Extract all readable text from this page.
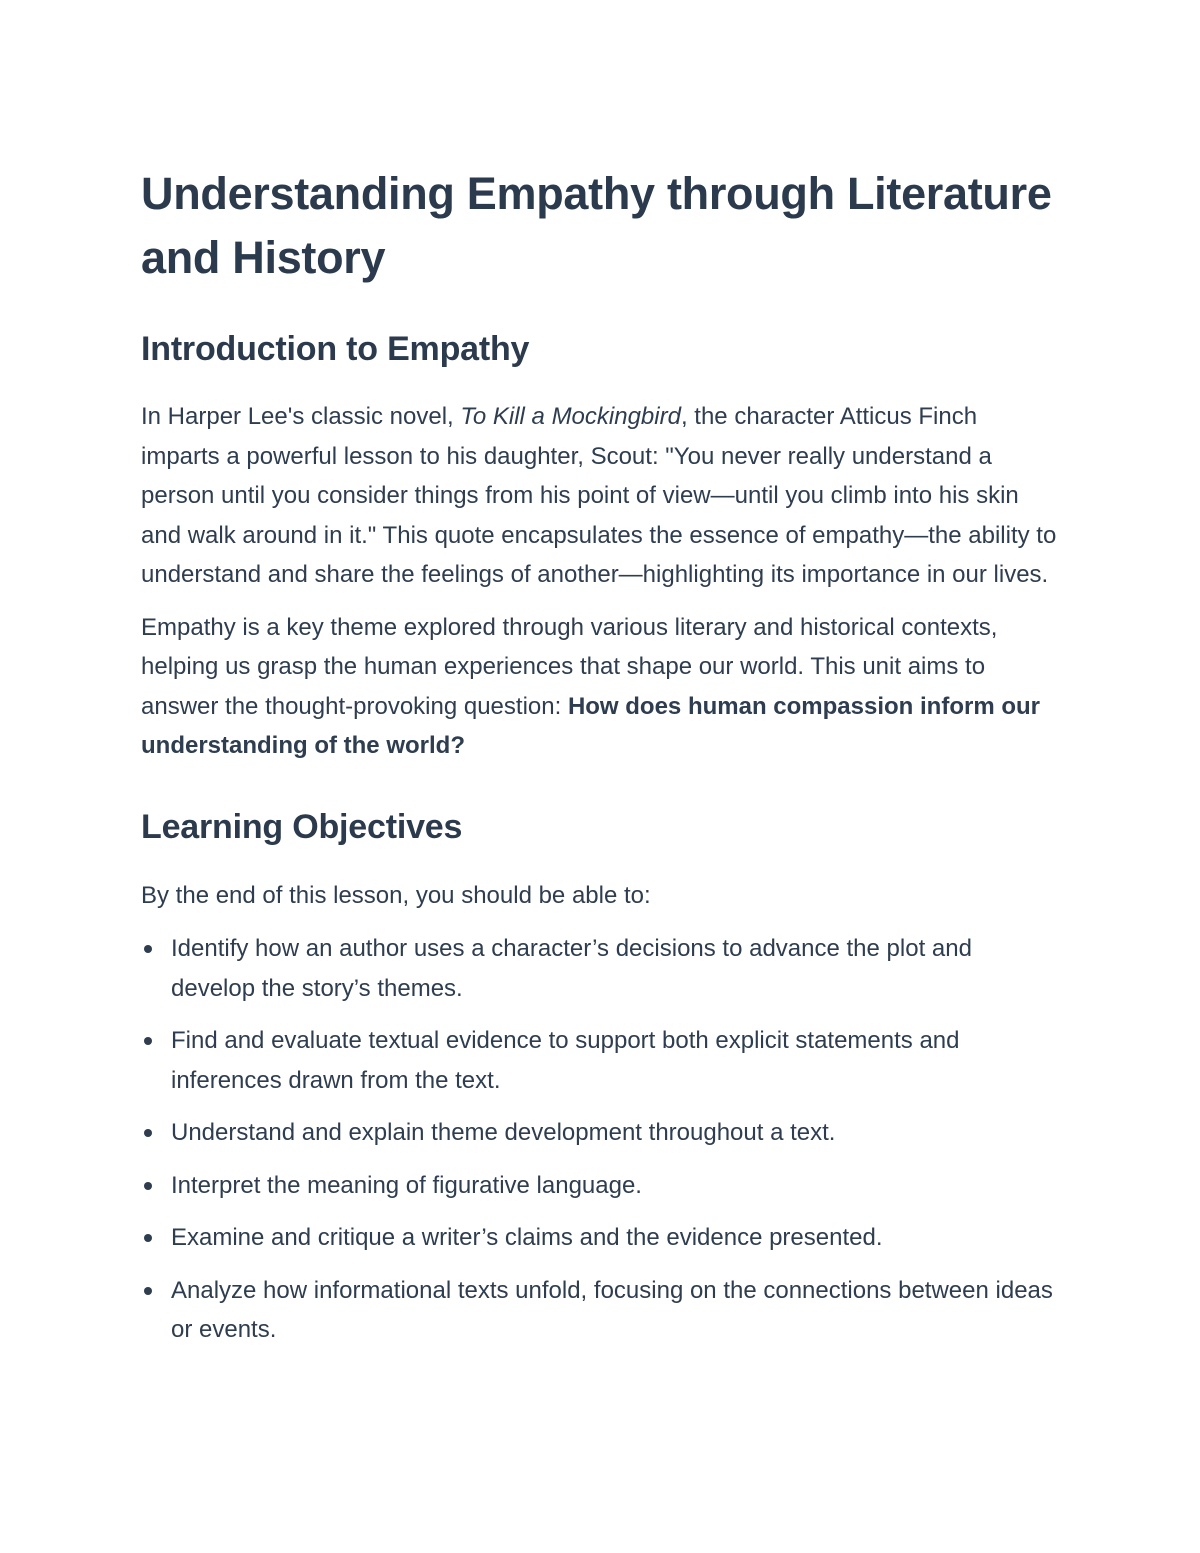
Understanding Empathy through Literature and History
Introduction to Empathy

In Harper Lee's classic novel, To Kill a Mockingbird, the character Atticus Finch imparts a powerful lesson to his daughter, Scout: "You never really understand a person until you consider things from his point of view—until you climb into his skin and walk around in it." This quote encapsulates the essence of empathy—the ability to understand and share the feelings of another—highlighting its importance in our lives.

Empathy is a key theme explored through various literary and historical contexts, helping us grasp the human experiences that shape our world. This unit aims to answer the thought-provoking question: How does human compassion inform our understanding of the world?

Learning Objectives

By the end of this lesson, you should be able to:

Identify how an author uses a character’s decisions to advance the plot and develop the story’s themes.
Find and evaluate textual evidence to support both explicit statements and inferences drawn from the text.
Understand and explain theme development throughout a text.
Interpret the meaning of figurative language.
Examine and critique a writer’s claims and the evidence presented.
Analyze how informational texts unfold, focusing on the connections between ideas or events.
